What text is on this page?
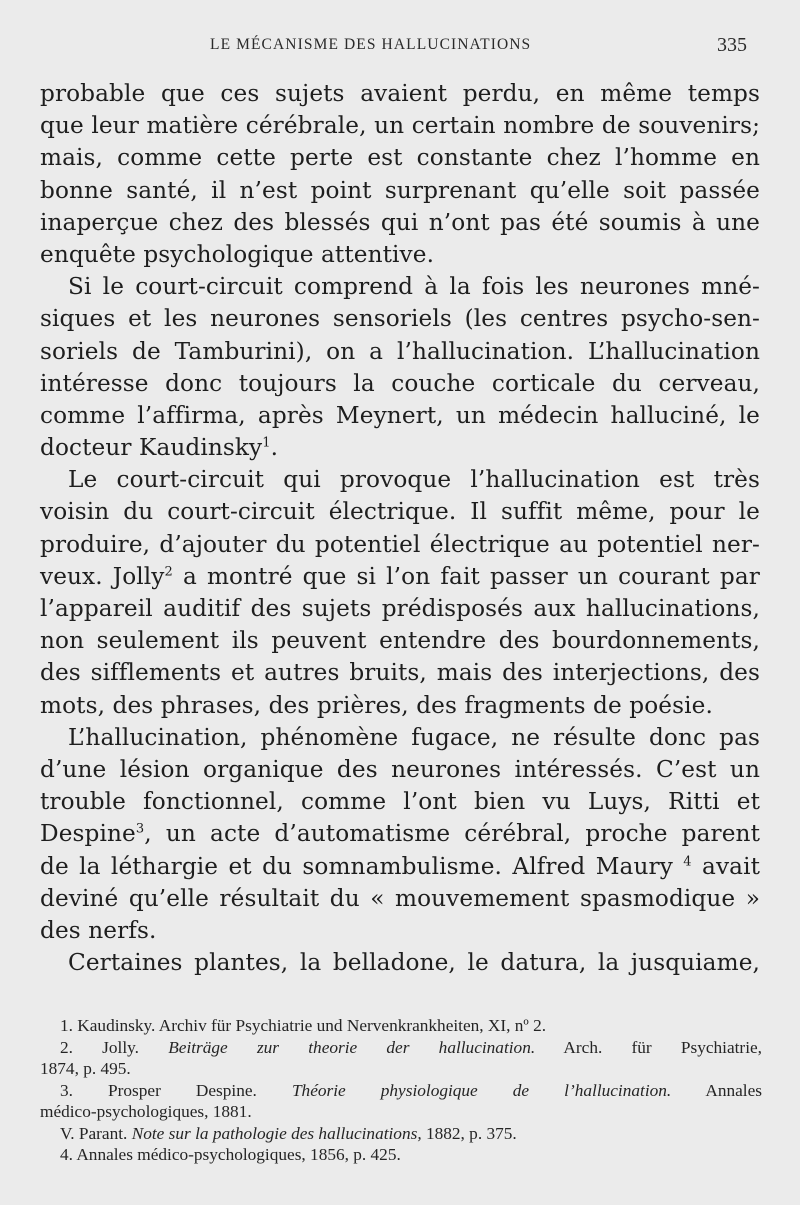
LE MÉCANISME DES HALLUCINATIONS	335
probable que ces sujets avaient perdu, en même temps
que leur matière cérébrale, un certain nombre de souvenirs;
mais, comme cette perte est constante chez l’homme en
bonne santé, il n’est point surprenant qu’elle soit passée
inaperçue chez des blessés qui n’ont pas été soumis à une
enquête psychologique attentive.
Si le court-circuit comprend à la fois les neurones mné-
siques et les neurones sensoriels (les centres psycho-sen-
soriels de Tamburini), on a l’hallucination. L’hallucination
intéresse donc toujours la couche corticale du cerveau,
comme l’affirma, après Meynert, un médecin halluciné, le
docteur Kaudinsky$^1$.
Le court-circuit qui provoque l’hallucination est très
voisin du court-circuit électrique. Il suffit même, pour le
produire, d’ajouter du potentiel électrique au potentiel ner-
veux. Jolly$^2$ a montré que si l’on fait passer un courant par
l’appareil auditif des sujets prédisposés aux hallucinations,
non seulement ils peuvent entendre des bourdonnements,
des sifflements et autres bruits, mais des interjections, des
mots, des phrases, des prières, des fragments de poésie.
L’hallucination, phénomène fugace, ne résulte donc pas
d’une lésion organique des neurones intéressés. C’est un
trouble fonctionnel, comme l’ont bien vu Luys, Ritti et
Despine$^3$, un acte d’automatisme cérébral, proche parent
de la léthargie et du somnambulisme. Alfred Maury $^4$ avait
deviné qu’elle résultait du « mouvemement spasmodique »
des nerfs.
Certaines plantes, la belladone, le datura, la jusquiame,
1. Kaudinsky. Archiv für Psychiatrie und Nervenkrankheiten, XI, nº 2.
2. Jolly. Beiträge zur theorie der hallucination. Arch. für Psychiatrie,
1874, p. 495.
3. Prosper Despine. Théorie physiologique de l’hallucination. Annales
médico-psychologiques, 1881.
V. Parant. Note sur la pathologie des hallucinations, 1882, p. 375.
4. Annales médico-psychologiques, 1856, p. 425.
